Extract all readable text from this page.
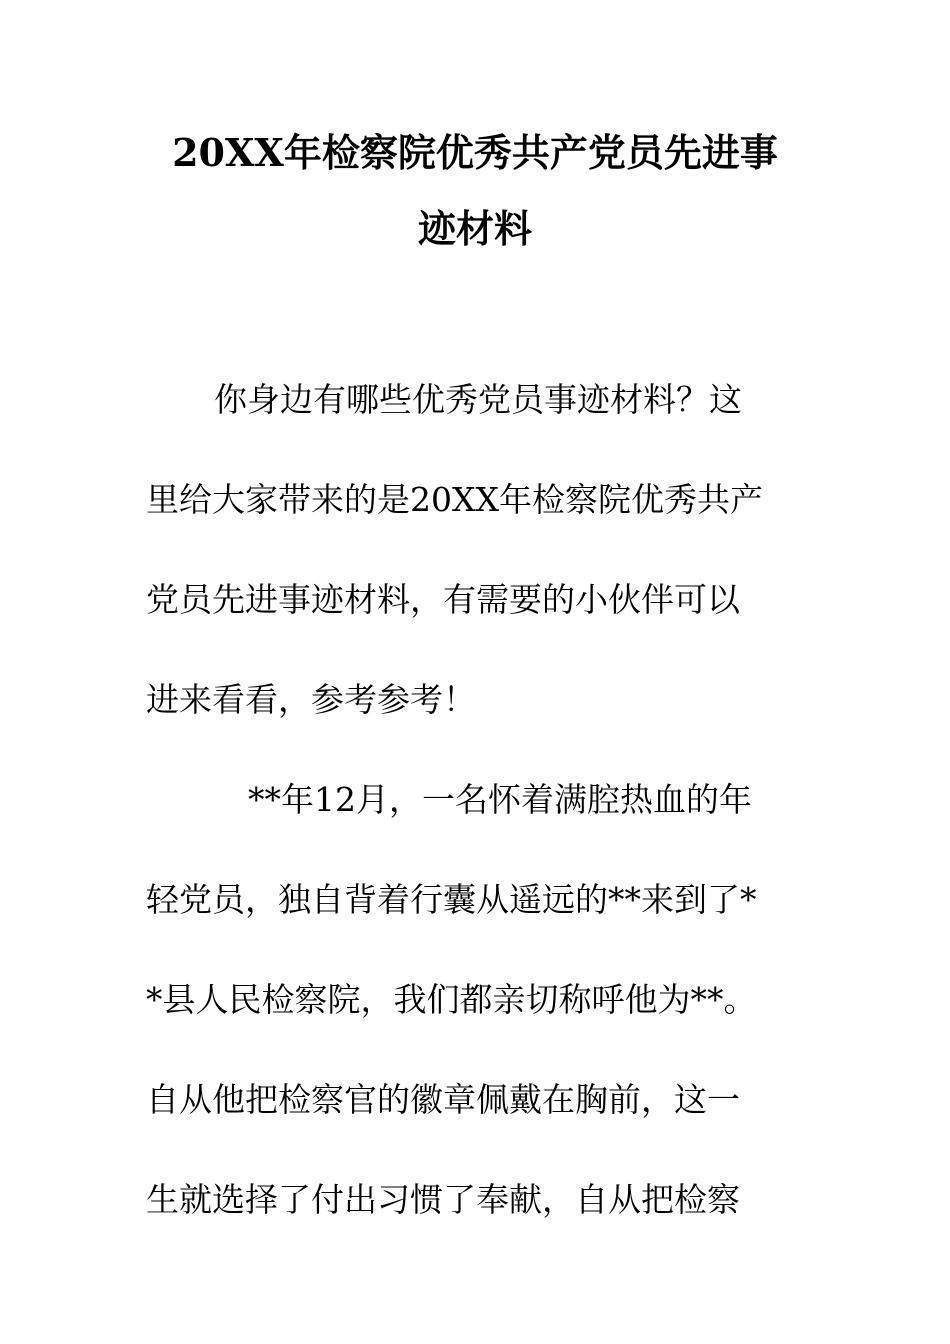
20XX年检察院优秀共产党员先进事
迹材料
你身边有哪些优秀党员事迹材料？这
里给大家带来的是20XX年检察院优秀共产
党员先进事迹材料，有需要的小伙伴可以
进来看看，参考参考！
**年12月，一名怀着满腔热血的年
轻党员，独自背着行囊从遥远的**来到了*
*县人民检察院，我们都亲切称呼他为**。
自从他把检察官的徽章佩戴在胸前，这一
生就选择了付出习惯了奉献，自从把检察
